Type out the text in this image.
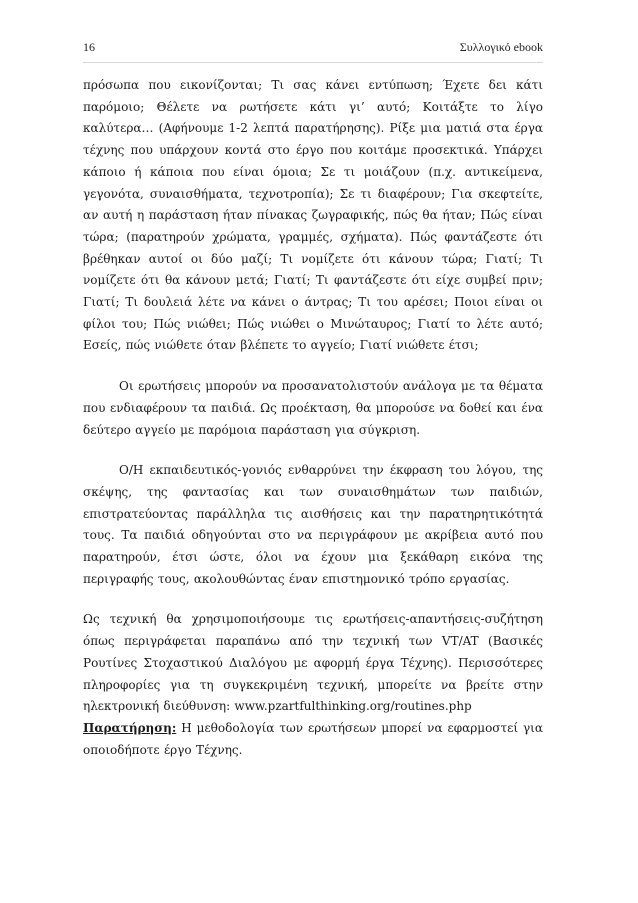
16	Συλλογικό ebook

πρόσωπα που εικονίζονται; Τι σας κάνει εντύπωση; Έχετε δει κάτι παρόμοιο; Θέλετε να ρωτήσετε κάτι γι’ αυτό; Κοιτάξτε το λίγο καλύτερα… (Αφήνουμε 1-2 λεπτά παρατήρησης). Ρίξε μια ματιά στα έργα τέχνης που υπάρχουν κοντά στο έργο που κοιτάμε προσεκτικά. Υπάρχει κάποιο ή κάποια που είναι όμοια; Σε τι μοιάζουν (π.χ. αντικείμενα, γεγονότα, συναισθήματα, τεχνοτροπία); Σε τι διαφέρουν; Για σκεφτείτε, αν αυτή η παράσταση ήταν πίνακας ζωγραφικής, πώς θα ήταν; Πώς είναι τώρα; (παρατηρούν χρώματα, γραμμές, σχήματα). Πώς φαντάζεστε ότι βρέθηκαν αυτοί οι δύο μαζί; Τι νομίζετε ότι κάνουν τώρα; Γιατί; Τι νομίζετε ότι θα κάνουν μετά; Γιατί; Τι φαντάζεστε ότι είχε συμβεί πριν; Γιατί; Τι δουλειά λέτε να κάνει ο άντρας; Τι του αρέσει; Ποιοι είναι οι φίλοι του; Πώς νιώθει; Πώς νιώθει ο Μινώταυρος; Γιατί το λέτε αυτό; Εσείς, πώς νιώθετε όταν βλέπετε το αγγείο; Γιατί νιώθετε έτσι;

Οι ερωτήσεις μπορούν να προσανατολιστούν ανάλογα με τα θέματα που ενδιαφέρουν τα παιδιά. Ως προέκταση, θα μπορούσε να δοθεί και ένα δεύτερο αγγείο με παρόμοια παράσταση για σύγκριση.

Ο/Η εκπαιδευτικός-γονιός ενθαρρύνει την έκφραση του λόγου, της σκέψης, της φαντασίας και των συναισθημάτων των παιδιών, επιστρατεύοντας παράλληλα τις αισθήσεις και την παρατηρητικότητά τους. Τα παιδιά οδηγούνται στο να περιγράφουν με ακρίβεια αυτό που παρατηρούν, έτσι ώστε, όλοι να έχουν μια ξεκάθαρη εικόνα της περιγραφής τους, ακολουθώντας έναν επιστημονικό τρόπο εργασίας.

Ως τεχνική θα χρησιμοποιήσουμε τις ερωτήσεις-απαντήσεις-συζήτηση όπως περιγράφεται παραπάνω από την τεχνική των VT/AT (Βασικές Ρουτίνες Στοχαστικού Διαλόγου με αφορμή έργα Τέχνης). Περισσότερες πληροφορίες για τη συγκεκριμένη τεχνική, μπορείτε να βρείτε στην ηλεκτρονική διεύθυνση: www.pzartfulthinking.org/routines.php

Παρατήρηση: Η μεθοδολογία των ερωτήσεων μπορεί να εφαρμοστεί για οποιοδήποτε έργο Τέχνης.
